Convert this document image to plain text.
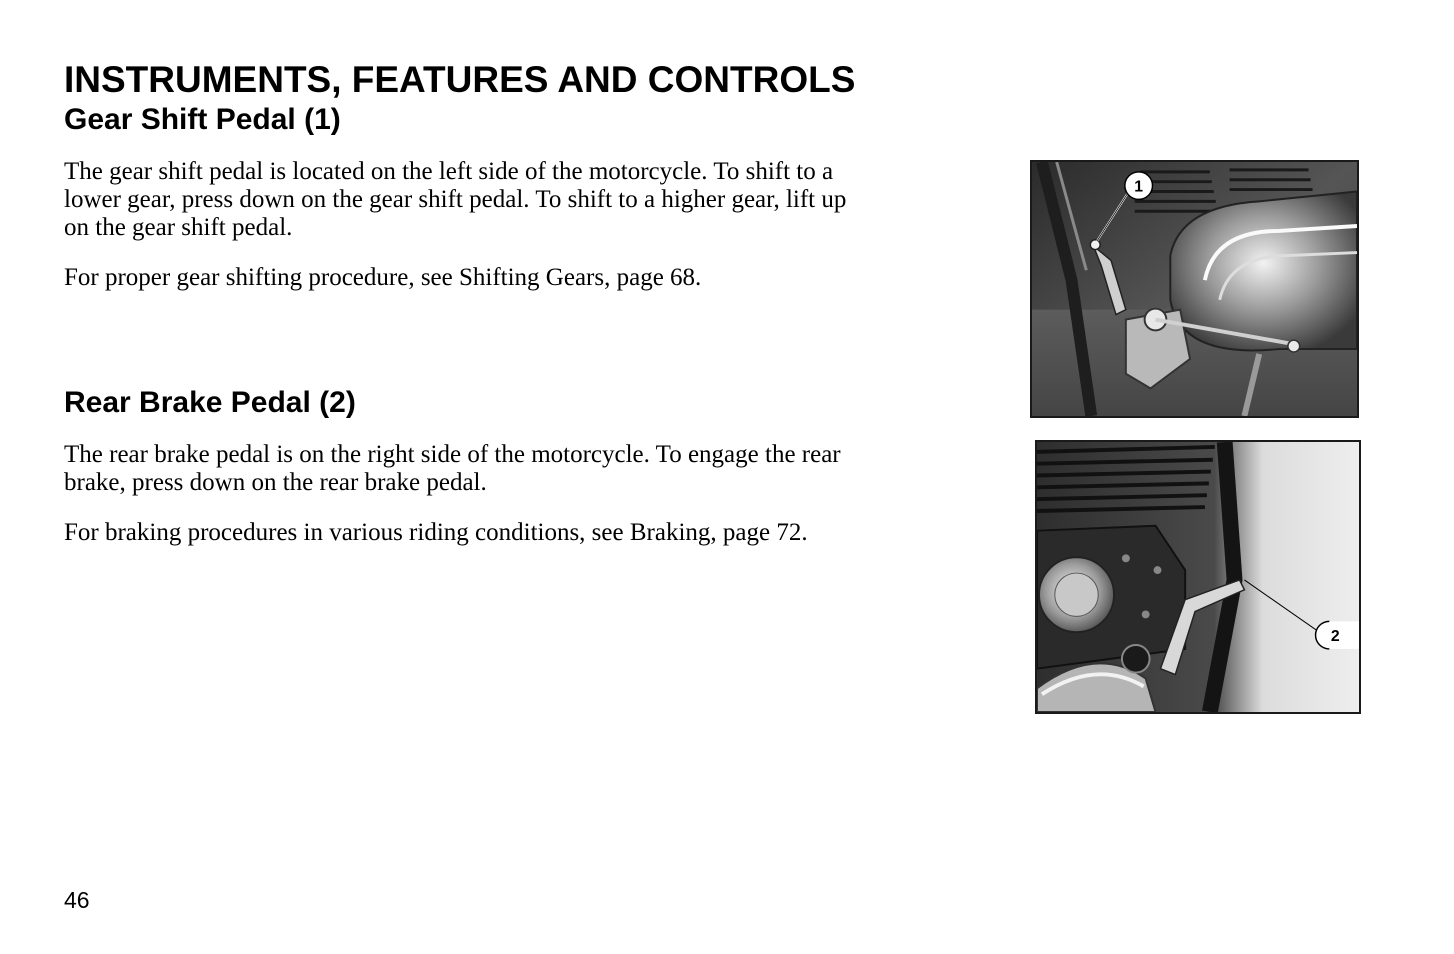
INSTRUMENTS, FEATURES AND CONTROLS
Gear Shift Pedal (1)

The gear shift pedal is located on the left side of the motorcycle. To shift to a lower gear, press down on the gear shift pedal. To shift to a higher gear, lift up on the gear shift pedal.

For proper gear shifting procedure, see Shifting Gears, page 68.

Rear Brake Pedal (2)

The rear brake pedal is on the right side of the motorcycle. To engage the rear brake, press down on the rear brake pedal.

For braking procedures in various riding conditions, see Braking, page 72.

1
2
46
